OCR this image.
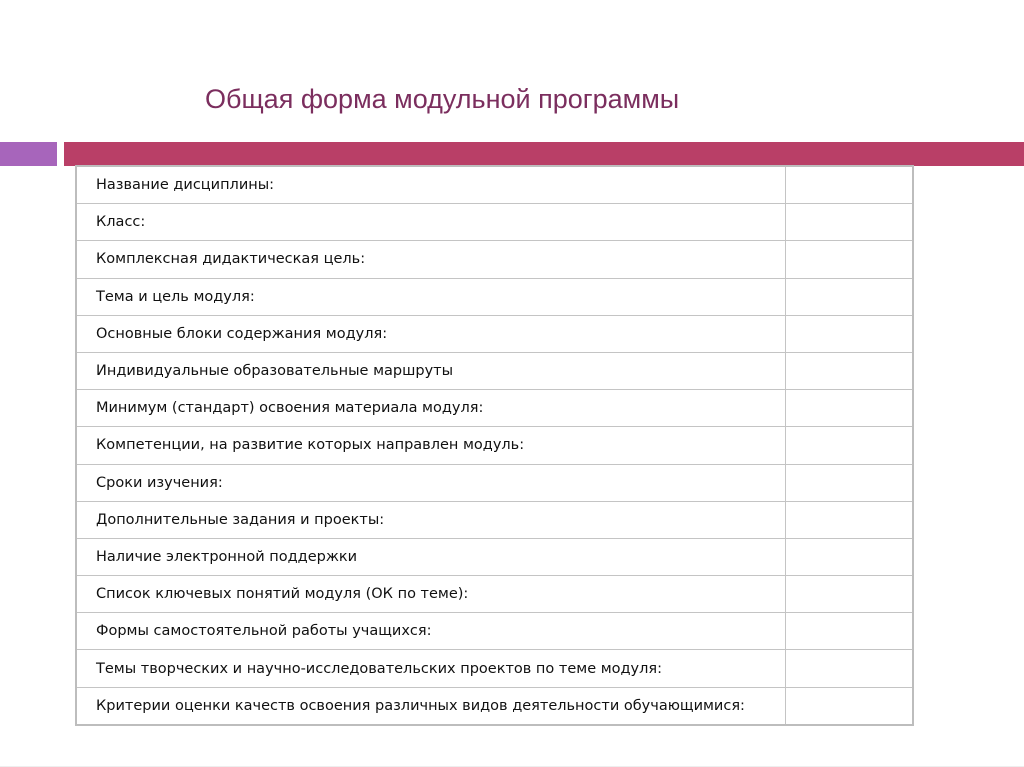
Общая форма модульной программы
Название дисциплины:	
Класс:	
Комплексная дидактическая цель:	
Тема и цель модуля:	
Основные блоки содержания модуля:	
Индивидуальные образовательные маршруты	
Минимум (стандарт) освоения материала модуля:	
Компетенции, на развитие которых направлен модуль:	
Сроки изучения:	
Дополнительные задания и проекты:	
Наличие электронной поддержки	
Список ключевых понятий модуля (ОК по теме):	
Формы самостоятельной работы учащихся:	
Темы творческих и научно-исследовательских проектов по теме модуля:	
Критерии оценки качеств освоения различных видов деятельности обучающимися:	
